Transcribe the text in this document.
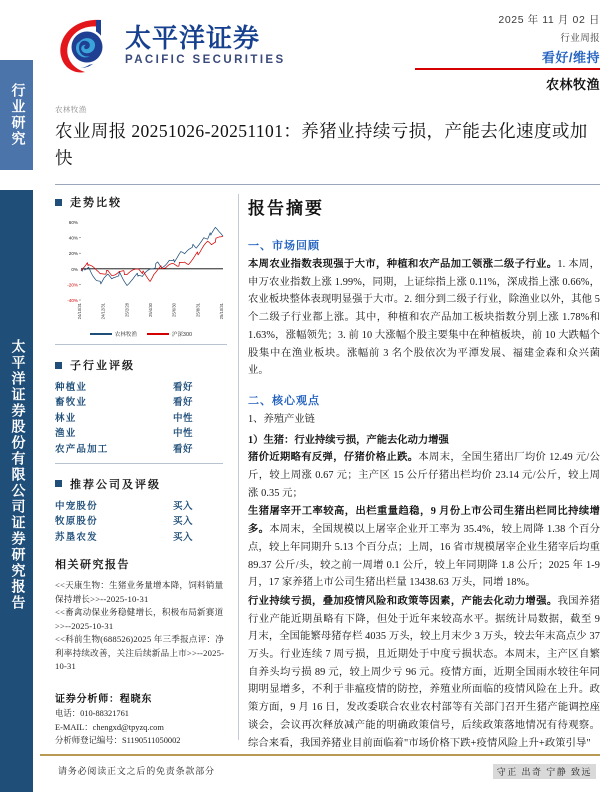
行业研究
太平洋证券股份有限公司证券研究报告
太平洋证券
PACIFIC SECURITIES
2025 年 11 月 02 日
行业周报
看好/维持
农林牧渔
农林牧渔
农业周报 20251026-20251101：养猪业持续亏损，产能去化速度或加快
走势比较
60%
40%
20%
0%
-20%
-40%
24/10/31	24/12/31	25/2/28	25/4/30	25/6/30	25/8/31	25/10/31
农林牧渔	沪深300
子行业评级
种植业	看好
畜牧业	看好
林业	中性
渔业	中性
农产品加工	看好
推荐公司及评级
中宠股份	买入
牧原股份	买入
苏垦农发	买入
相关研究报告
<<天康生物：生猪业务量增本降，饲料销量保持增长>>--2025-10-31
<<畜禽动保业务稳健增长，积极布局新赛道>>--2025-10-31
<<科前生物(688526)2025 年三季报点评：净利率持续改善，关注后续新品上市>>--2025-10-31
证券分析师：程晓东
电话：010-88321761
E-MAIL：chengxd@tpyzq.com
分析师登记编号：S1190511050002
报告摘要
一、市场回顾

本周农业指数表现强于大市，种植和农产品加工领涨二级子行业。1. 本周，申万农业指数上涨 1.99%，同期，上证综指上涨 0.11%，深成指上涨 0.66%，农业板块整体表现明显强于大市。2. 细分到二级子行业，除渔业以外，其他 5 个二级子行业都上涨。其中，种植和农产品加工板块指数分别上涨 1.78%和 1.63%，涨幅领先；3. 前 10 大涨幅个股主要集中在种植板块，前 10 大跌幅个股集中在渔业板块。涨幅前 3 名个股依次为平潭发展、福建金森和众兴菌业。

二、核心观点
1、养殖产业链
1）生猪：行业持续亏损，产能去化动力增强

猪价近期略有反弹，仔猪价格止跌。本周末，全国生猪出厂均价 12.49 元/公斤，较上周涨 0.67 元；主产区 15 公斤仔猪出栏均价 23.14 元/公斤，较上周涨 0.35 元；

生猪屠宰开工率较高，出栏重量趋稳，9 月份上市公司生猪出栏同比持续增多。本周末，全国规模以上屠宰企业开工率为 35.4%，较上周降 1.38 个百分点，较上年同期升 5.13 个百分点；上周，16 省市规模屠宰企业生猪宰后均重 89.37 公斤/头，较之前一周增 0.1 公斤，较上年同期降 1.8 公斤；2025 年 1-9 月，17 家养猪上市公司生猪出栏量 13438.63 万头，同增 18%。

行业持续亏损，叠加疫情风险和政策等因素，产能去化动力增强。我国养猪行业产能近期虽略有下降，但处于近年来较高水平。据统计局数据，截至 9 月末，全国能繁母猪存栏 4035 万头，较上月末少 3 万头，较去年末高点少 37 万头。行业连续 7 周亏损，且近期处于中度亏损状态。本周末，主产区自繁自养头均亏损 89 元，较上周少亏 96 元。疫情方面，近期全国雨水较往年同期明显增多，不利于非瘟疫情的防控，养殖业所面临的疫情风险在上升。政策方面，9 月 16 日，发改委联合农业农村部等有关部门召开生猪产能调控座谈会，会议再次释放减产能的明确政策信号，后续政策落地情况有待观察。综合来看，我国养猪业目前面临着"市场价格下跌+疫情风险上升+政策引导"

请务必阅读正文之后的免责条款部分	守正 出奇 宁静 致远
